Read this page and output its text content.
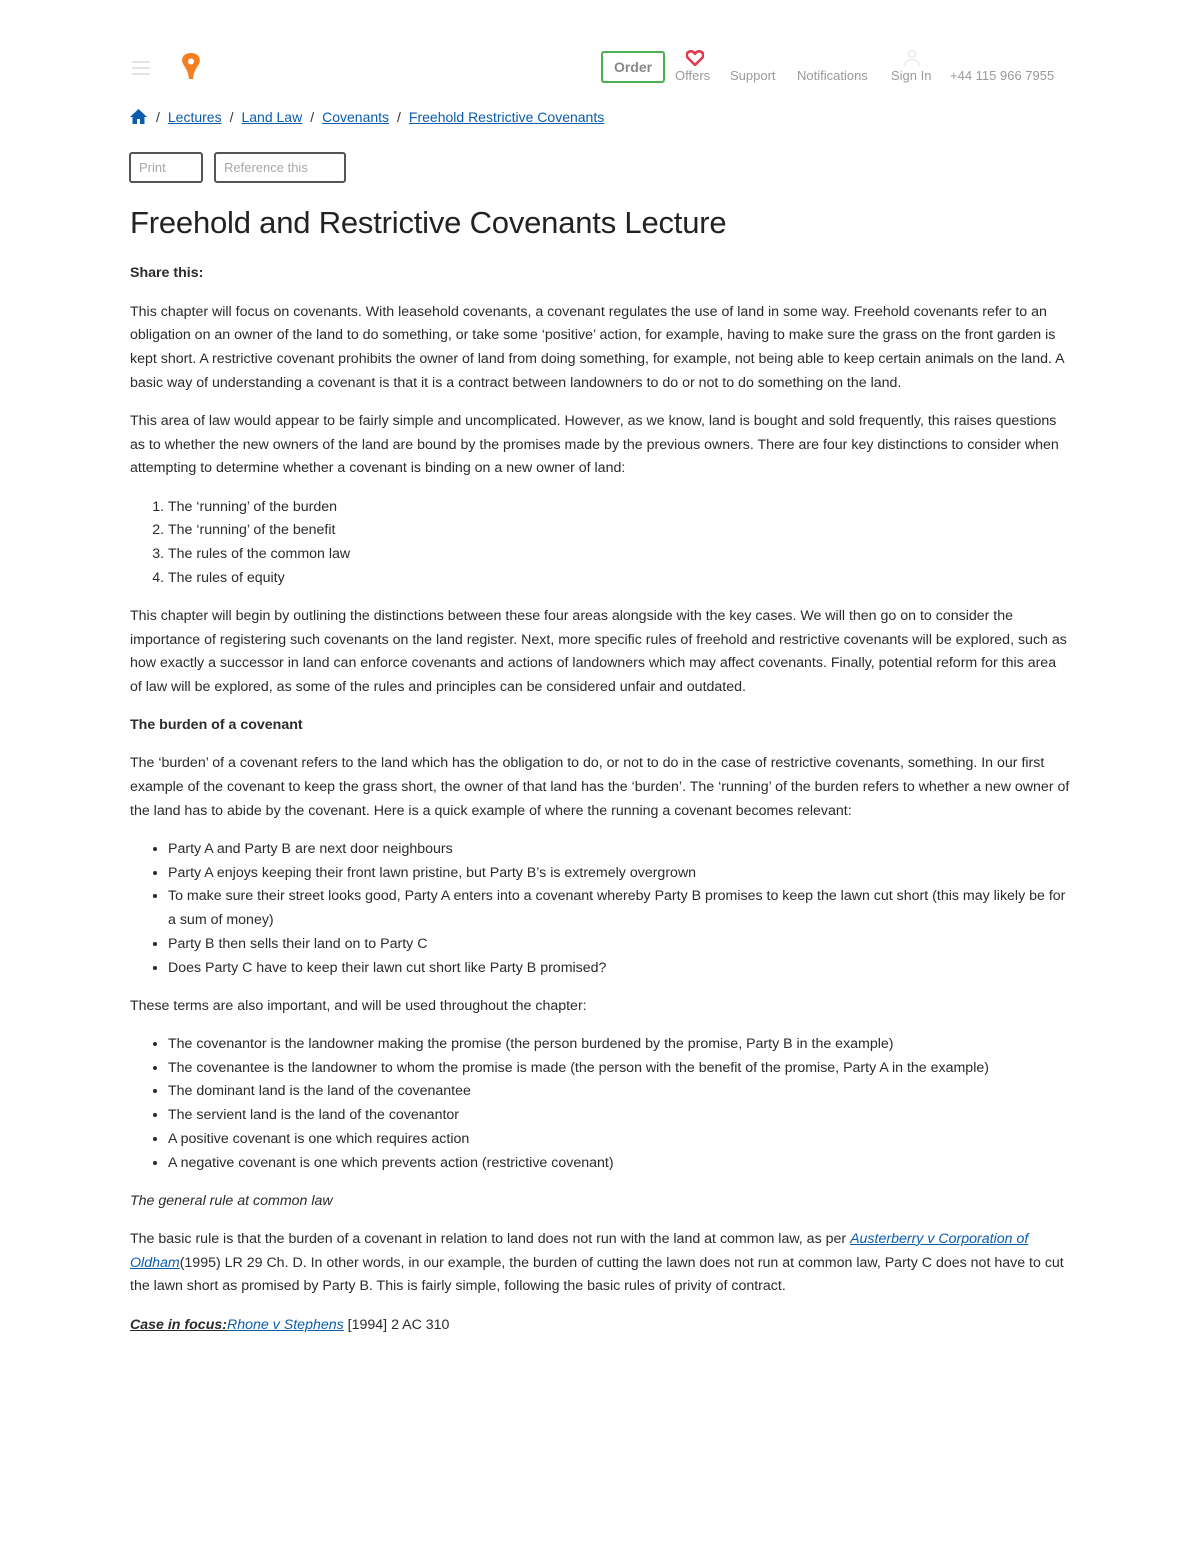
Order
Offers Support Notifications Sign In +44 115 966 7955
/ Lectures / Land Law / Covenants / Freehold Restrictive Covenants
Print	Reference this
Freehold and Restrictive Covenants Lecture

Share this:

This chapter will focus on covenants. With leasehold covenants, a covenant regulates the use of land in some way. Freehold covenants refer to an obligation on an owner of the land to do something, or take some ‘positive’ action, for example, having to make sure the grass on the front garden is kept short. A restrictive covenant prohibits the owner of land from doing something, for example, not being able to keep certain animals on the land. A basic way of understanding a covenant is that it is a contract between landowners to do or not to do something on the land.

This area of law would appear to be fairly simple and uncomplicated. However, as we know, land is bought and sold frequently, this raises questions as to whether the new owners of the land are bound by the promises made by the previous owners. There are four key distinctions to consider when attempting to determine whether a covenant is binding on a new owner of land:

1. The ‘running’ of the burden
2. The ‘running’ of the benefit
3. The rules of the common law
4. The rules of equity

This chapter will begin by outlining the distinctions between these four areas alongside with the key cases. We will then go on to consider the importance of registering such covenants on the land register. Next, more specific rules of freehold and restrictive covenants will be explored, such as how exactly a successor in land can enforce covenants and actions of landowners which may affect covenants. Finally, potential reform for this area of law will be explored, as some of the rules and principles can be considered unfair and outdated.

The burden of a covenant

The ‘burden’ of a covenant refers to the land which has the obligation to do, or not to do in the case of restrictive covenants, something. In our first example of the covenant to keep the grass short, the owner of that land has the ‘burden’. The ‘running’ of the burden refers to whether a new owner of the land has to abide by the covenant. Here is a quick example of where the running a covenant becomes relevant:

• Party A and Party B are next door neighbours
• Party A enjoys keeping their front lawn pristine, but Party B’s is extremely overgrown
• To make sure their street looks good, Party A enters into a covenant whereby Party B promises to keep the lawn cut short (this may likely be for a sum of money)
• Party B then sells their land on to Party C
• Does Party C have to keep their lawn cut short like Party B promised?

These terms are also important, and will be used throughout the chapter:

• The covenantor is the landowner making the promise (the person burdened by the promise, Party B in the example)
• The covenantee is the landowner to whom the promise is made (the person with the benefit of the promise, Party A in the example)
• The dominant land is the land of the covenantee
• The servient land is the land of the covenantor
• A positive covenant is one which requires action
• A negative covenant is one which prevents action (restrictive covenant)

The general rule at common law

The basic rule is that the burden of a covenant in relation to land does not run with the land at common law, as per Austerberry v Corporation of Oldham(1995) LR 29 Ch. D. In other words, in our example, the burden of cutting the lawn does not run at common law, Party C does not have to cut the lawn short as promised by Party B. This is fairly simple, following the basic rules of privity of contract.

Case in focus:Rhone v Stephens [1994] 2 AC 310
